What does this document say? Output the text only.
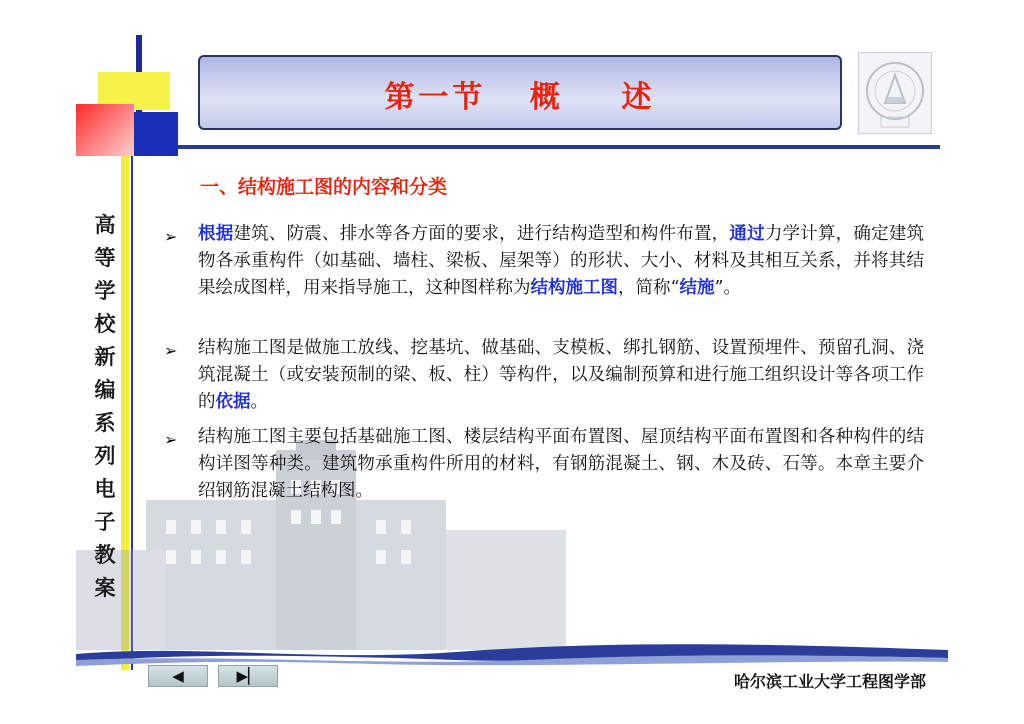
第一节   概    述
高
等
学
校
新
编
系
列
电
子
教
案
一、结构施工图的内容和分类
➢ 根据建筑、防震、排水等各方面的要求，进行结构造型和构件布置，通过力学计算，确定建筑物各承重构件（如基础、墙柱、梁板、屋架等）的形状、大小、材料及其相互关系，并将其结果绘成图样，用来指导施工，这种图样称为结构施工图，简称“结施”。
➢ 结构施工图是做施工放线、挖基坑、做基础、支模板、绑扎钢筋、设置预埋件、预留孔洞、浇筑混凝土（或安装预制的梁、板、柱）等构件，以及编制预算和进行施工组织设计等各项工作的依据。
➢ 结构施工图主要包括基础施工图、楼层结构平面布置图、屋顶结构平面布置图和各种构件的结构详图等种类。建筑物承重构件所用的材料，有钢筋混凝土、钢、木及砖、石等。本章主要介绍钢筋混凝土结构图。
◀	▶▏	哈尔滨工业大学工程图学部
